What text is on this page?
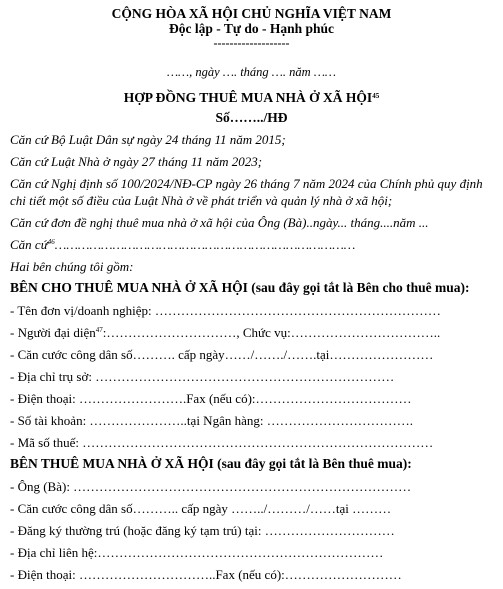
CỘNG HÒA XÃ HỘI CHỦ NGHĨA VIỆT NAM
Độc lập - Tự do - Hạnh phúc
-------------------
……, ngày …. tháng …. năm ……
HỢP ĐỒNG THUÊ MUA NHÀ Ở XÃ HỘI$^{45}$
Số……../HĐ
Căn cứ Bộ Luật Dân sự ngày 24 tháng 11 năm 2015;
Căn cứ Luật Nhà ở ngày 27 tháng 11 năm 2023;
Căn cứ Nghị định số 100/2024/NĐ-CP ngày 26 tháng 7 năm 2024 của Chính phủ quy định chi tiết một số điều của Luật Nhà ở về phát triển và quản lý nhà ở xã hội;
Căn cứ đơn đề nghị thuê mua nhà ở xã hội của Ông (Bà)..ngày... tháng....năm ...
Căn cứ$^{46}$……………………………………………………………………
Hai bên chúng tôi gồm:
BÊN CHO THUÊ MUA NHÀ Ở XÃ HỘI (sau đây gọi tắt là Bên cho thuê mua):
- Tên đơn vị/doanh nghiệp: …………………………………………………………
- Người đại diện$^{47}$:…………………………, Chức vụ:……………………………..
- Căn cước công dân số………. cấp ngày……/……./…….tại……………………
- Địa chỉ trụ sở: ……………………………………………………………
- Điện thoại: …………………….Fax (nếu có):………………………………
- Số tài khoản: …………………..tại Ngân hàng: …………………………….
- Mã số thuế: ………………………………………………………………………
BÊN THUÊ MUA NHÀ Ở XÃ HỘI (sau đây gọi tắt là Bên thuê mua):
- Ông (Bà): ……………………………………………………………………
- Căn cước công dân số……….. cấp ngày ……../………/……tại ………
- Đăng ký thường trú (hoặc đăng ký tạm trú) tại: …………………………
- Địa chỉ liên hệ:…………………………………………………………
- Điện thoại: …………………………..Fax (nếu có):………………………
